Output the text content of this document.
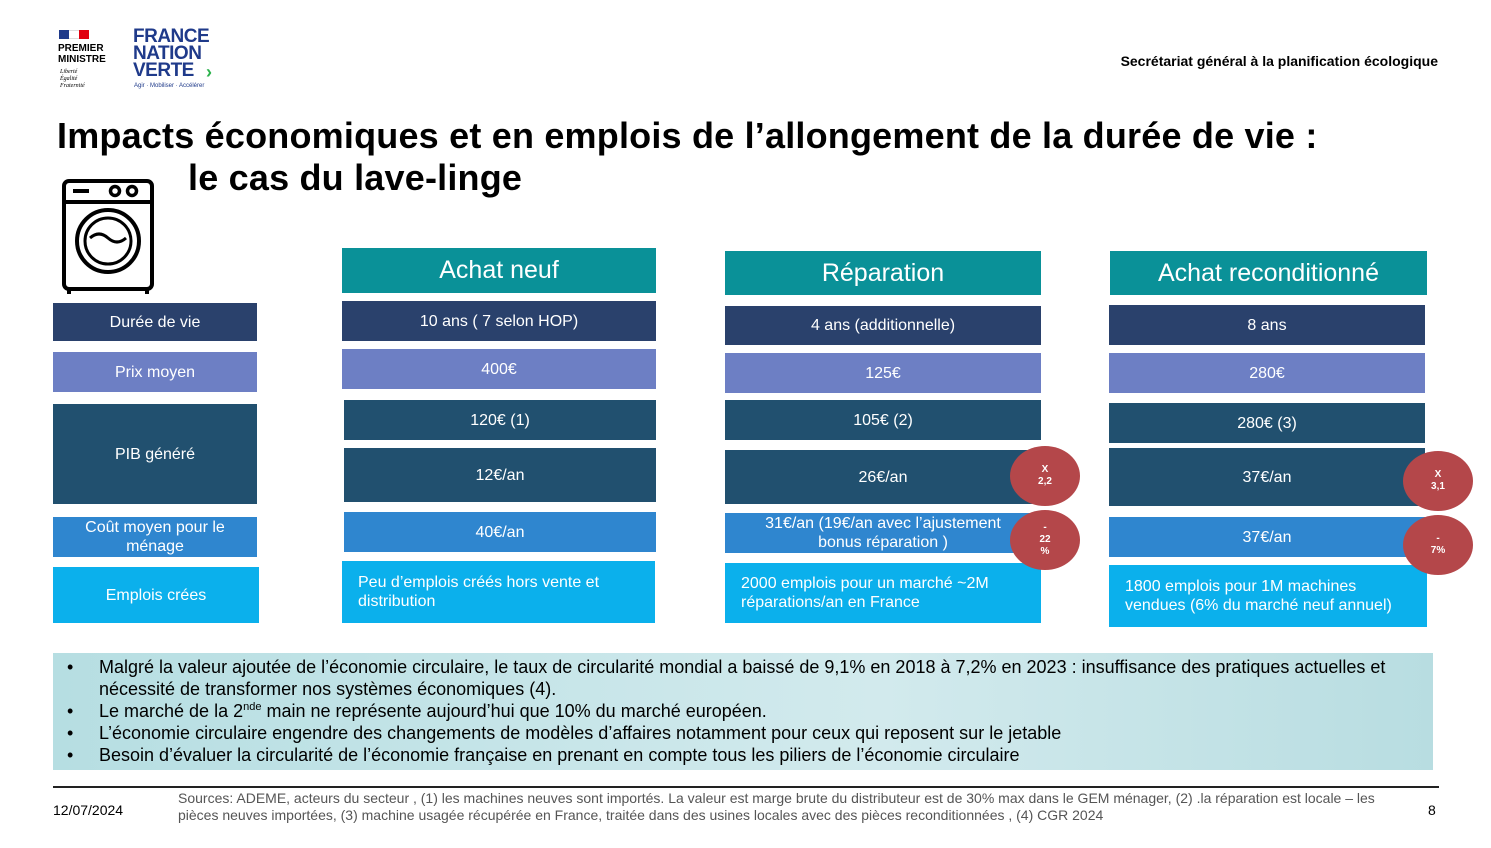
PREMIER
MINISTRE
Liberté
Égalité
Fraternité
FRANCE
NATION
VERTE ›
Agir · Mobiliser · Accélérer
Secrétariat général à la planification écologique
Impacts économiques et en emplois de l’allongement de la durée de vie :
le cas du lave-linge
Durée de vie
Prix moyen
PIB généré
Coût moyen pour le ménage
Emplois crées
Achat neuf
10 ans ( 7 selon HOP)
400€
120€ (1)
12€/an
40€/an
Peu d’emplois créés hors vente et distribution
Réparation
4 ans (additionnelle)
125€
105€ (2)
26€/an
31€/an (19€/an avec l’ajustement bonus réparation )
2000 emplois pour un marché ~2M réparations/an en France
X
2,2
-
22
%
Achat reconditionné
8 ans
280€
280€ (3)
37€/an
37€/an
1800 emplois pour 1M machines vendues (6% du marché neuf annuel)
X
3,1
-
7%
• Malgré la valeur ajoutée de l’économie circulaire, le taux de circularité mondial a baissé de 9,1% en 2018 à 7,2% en 2023 : insuffisance des pratiques actuelles et nécessité de transformer nos systèmes économiques (4).
• Le marché de la 2nde main ne représente aujourd’hui que 10% du marché européen.
• L’économie circulaire engendre des changements de modèles d’affaires notamment pour ceux qui reposent sur le jetable
• Besoin d’évaluer la circularité de l’économie française en prenant en compte tous les piliers de l’économie circulaire
12/07/2024
Sources: ADEME, acteurs du secteur , (1) les machines neuves sont importés. La valeur est marge brute du distributeur est de 30% max dans le GEM ménager, (2) .la réparation est locale – les pièces neuves importées, (3) machine usagée récupérée en France, traitée dans des usines locales avec des pièces reconditionnées , (4) CGR 2024	8
